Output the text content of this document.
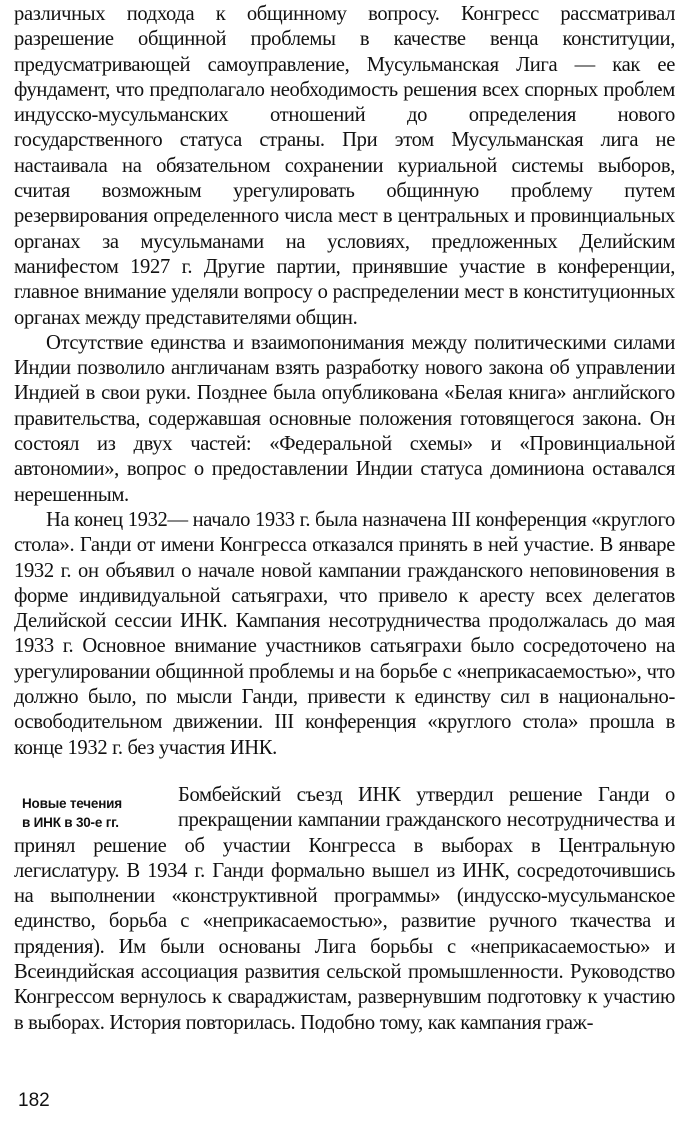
различных подхода к общинному вопросу. Конгресс рассматривал разрешение общинной проблемы в качестве венца конституции, предусматривающей самоуправление, Мусульманская Лига — как ее фундамент, что предполагало необходимость решения всех спорных проблем индусско-мусульманских отношений до определения нового государственного статуса страны. При этом Мусульманская лига не настаивала на обязательном сохранении куриальной системы выборов, считая возможным урегулировать общинную проблему путем резервирования определенного числа мест в центральных и провинциальных органах за мусульманами на условиях, предложенных Делийским манифестом 1927 г. Другие партии, принявшие участие в конференции, главное внимание уделяли вопросу о распределении мест в конституционных органах между представителями общин.

Отсутствие единства и взаимопонимания между политическими силами Индии позволило англичанам взять разработку нового закона об управлении Индией в свои руки. Позднее была опубликована «Белая книга» английского правительства, содержавшая основные положения готовящегося закона. Он состоял из двух частей: «Федеральной схемы» и «Провинциальной автономии», вопрос о предоставлении Индии статуса доминиона оставался нерешенным.

На конец 1932— начало 1933 г. была назначена III конференция «круглого стола». Ганди от имени Конгресса отказался принять в ней участие. В январе 1932 г. он объявил о начале новой кампании гражданского неповиновения в форме индивидуальной сатьяграхи, что привело к аресту всех делегатов Делийской сессии ИНК. Кампания несотрудничества продолжалась до мая 1933 г. Основное внимание участников сатьяграхи было сосредоточено на урегулировании общинной проблемы и на борьбе с «неприкасаемостью», что должно было, по мысли Ганди, привести к единству сил в национально-освободительном движении. III конференция «круглого стола» прошла в конце 1932 г. без участия ИНК.

Новые течения
в ИНК в 30-е гг.

Бомбейский съезд ИНК утвердил решение Ганди о прекращении кампании гражданского несотрудничества и принял решение об участии Конгресса в выборах в Центральную легислатуру. В 1934 г. Ганди формально вышел из ИНК, сосредоточившись на выполнении «конструктивной программы» (индусско-мусульманское единство, борьба с «неприкасаемостью», развитие ручного ткачества и прядения). Им были основаны Лига борьбы с «неприкасаемостью» и Всеиндийская ассоциация развития сельской промышленности. Руководство Конгрессом вернулось к свараджистам, развернувшим подготовку к участию в выборах. История повторилась. Подобно тому, как кампания граж-

182
